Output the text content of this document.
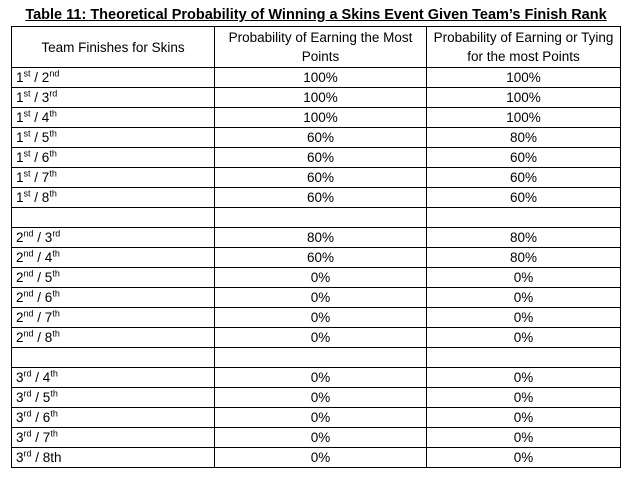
Table 11: Theoretical Probability of Winning a Skins Event Given Team’s Finish Rank
Team Finishes for Skins	Probability of Earning the Most Points	Probability of Earning or Tying for the most Points
1st / 2nd	100%	100%
1st / 3rd	100%	100%
1st / 4th	100%	100%
1st / 5th	60%	80%
1st / 6th	60%	60%
1st / 7th	60%	60%
1st / 8th	60%	60%

2nd / 3rd	80%	80%
2nd / 4th	60%	80%
2nd / 5th	0%	0%
2nd / 6th	0%	0%
2nd / 7th	0%	0%
2nd / 8th	0%	0%

3rd / 4th	0%	0%
3rd / 5th	0%	0%
3rd / 6th	0%	0%
3rd / 7th	0%	0%
3rd / 8th	0%	0%
